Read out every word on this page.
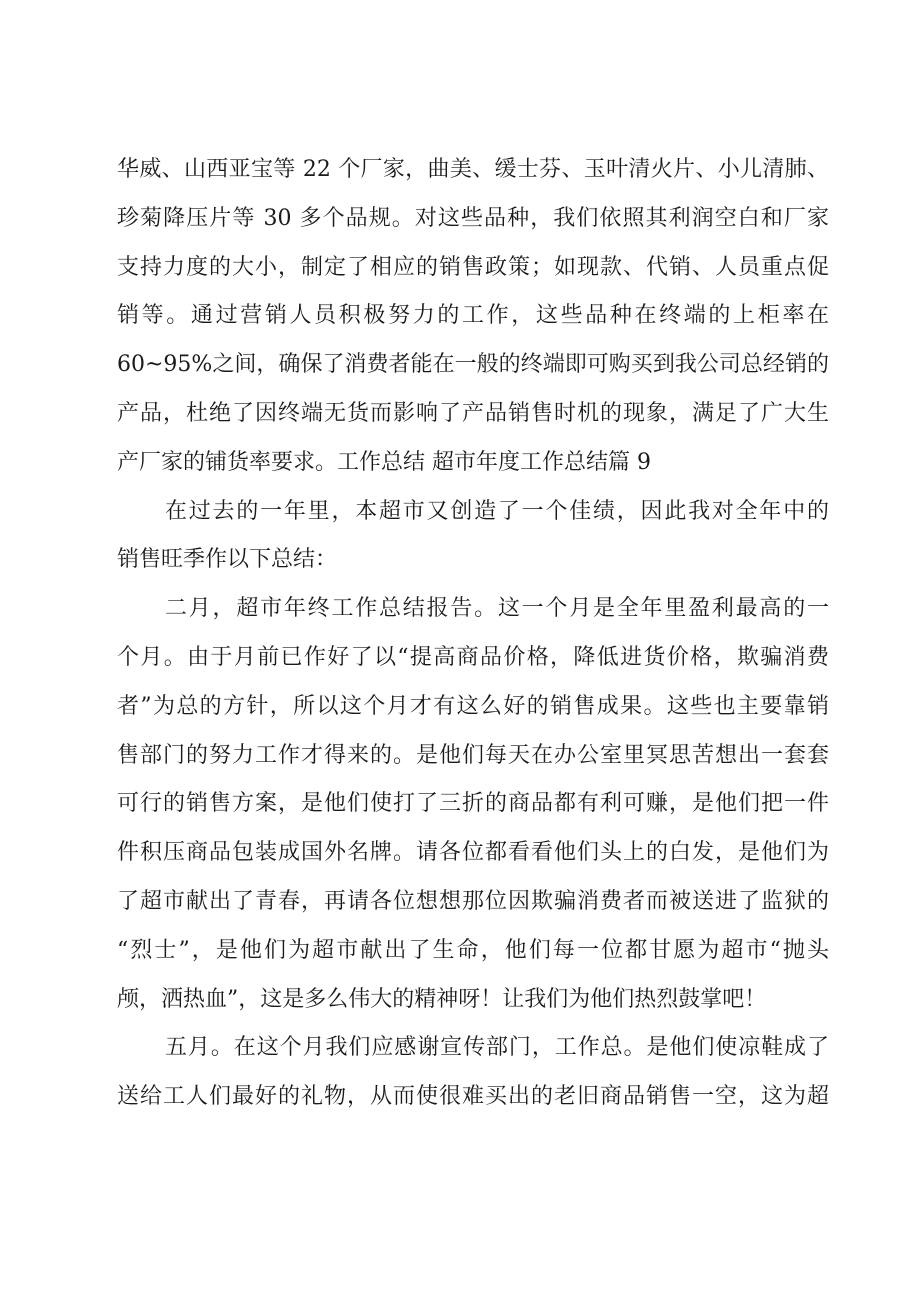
华威、山西亚宝等 22 个厂家，曲美、缓士芬、玉叶清火片、小儿清肺、
珍菊降压片等 30 多个品规。对这些品种，我们依照其利润空白和厂家
支持力度的大小，制定了相应的销售政策；如现款、代销、人员重点促
销等。通过营销人员积极努力的工作，这些品种在终端的上柜率在
60~95%之间，确保了消费者能在一般的终端即可购买到我公司总经销的
产品，杜绝了因终端无货而影响了产品销售时机的现象，满足了广大生
产厂家的铺货率要求。工作总结 超市年度工作总结篇 9
在过去的一年里，本超市又创造了一个佳绩，因此我对全年中的
销售旺季作以下总结：
二月，超市年终工作总结报告。这一个月是全年里盈利最高的一
个月。由于月前已作好了以“提高商品价格，降低进货价格，欺骗消费
者”为总的方针，所以这个月才有这么好的销售成果。这些也主要靠销
售部门的努力工作才得来的。是他们每天在办公室里冥思苦想出一套套
可行的销售方案，是他们使打了三折的商品都有利可赚，是他们把一件
件积压商品包装成国外名牌。请各位都看看他们头上的白发，是他们为
了超市献出了青春，再请各位想想那位因欺骗消费者而被送进了监狱的
“烈士”，是他们为超市献出了生命，他们每一位都甘愿为超市“抛头
颅，洒热血”，这是多么伟大的精神呀！让我们为他们热烈鼓掌吧！
五月。在这个月我们应感谢宣传部门，工作总。是他们使凉鞋成了
送给工人们最好的礼物，从而使很难买出的老旧商品销售一空，这为超
